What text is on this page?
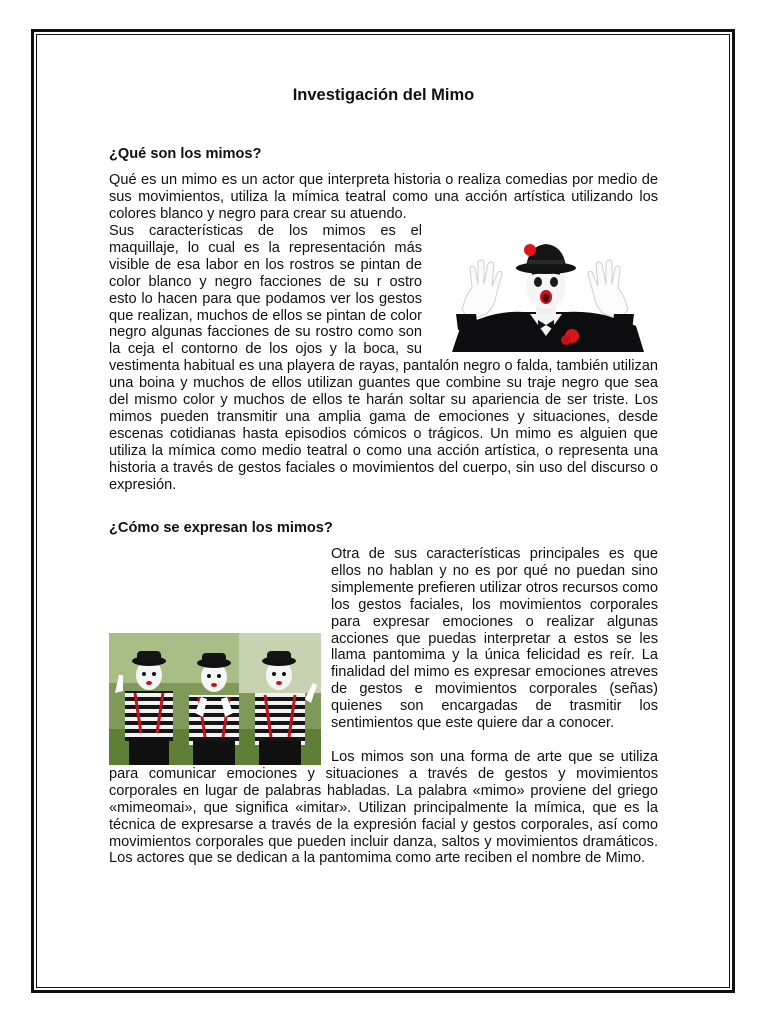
Investigación del Mimo
¿Qué son los mimos?

Qué es un mimo es un actor que interpreta historia o realiza comedias por medio de sus movimientos, utiliza la mímica teatral como una acción artística utilizando los colores blanco y negro para crear su atuendo.

Sus características de los mimos es el maquillaje, lo cual es la representación más visible de esa labor en los rostros se pintan de color blanco y negro facciones de su r ostro esto lo hacen para que podamos ver los gestos que realizan, muchos de ellos se pintan de color negro algunas facciones de su rostro como son la ceja el contorno de los ojos y la boca, su vestimenta habitual es una playera de rayas, pantalón negro o falda, también utilizan una boina y muchos de ellos utilizan guantes que combine su traje negro que sea del mismo color y muchos de ellos te harán soltar su apariencia de ser triste. Los mimos pueden transmitir una amplia gama de emociones y situaciones, desde escenas cotidianas hasta episodios cómicos o trágicos. Un mimo es alguien que utiliza la mímica como medio teatral o como una acción artística, o representa una historia a través de gestos faciales o movimientos del cuerpo, sin uso del discurso o expresión.

¿Cómo se expresan los mimos?

Otra de sus características principales es que ellos no hablan y no es por qué no puedan sino simplemente prefieren utilizar otros recursos como los gestos faciales, los movimientos corporales para expresar emociones o realizar algunas acciones que puedas interpretar a estos se les llama pantomima y la única felicidad es reír. La finalidad del mimo es expresar emociones atreves de gestos e movimientos corporales (señas) quienes son encargadas de trasmitir los sentimientos que este quiere dar a conocer.

Los mimos son una forma de arte que se utiliza para comunicar emociones y situaciones a través de gestos y movimientos corporales en lugar de palabras habladas. La palabra «mimo» proviene del griego «mimeomai», que significa «imitar». Utilizan principalmente la mímica, que es la técnica de expresarse a través de la expresión facial y gestos corporales, así como movimientos corporales que pueden incluir danza, saltos y movimientos dramáticos. Los actores que se dedican a la pantomima como arte reciben el nombre de Mimo.
